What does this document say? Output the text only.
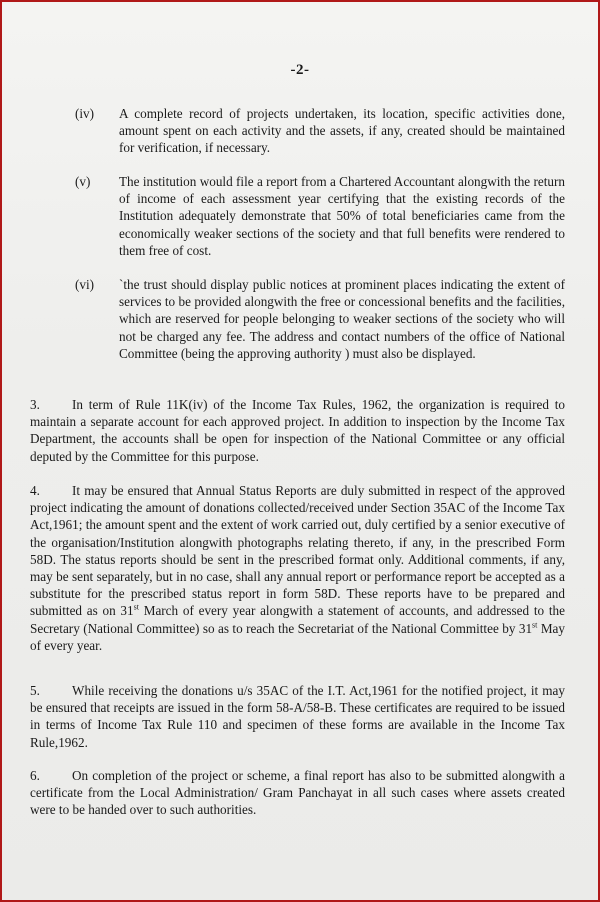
-2-
(iv)	A complete record of projects undertaken, its location, specific activities done, amount spent on each activity and the assets, if any, created should be maintained for verification, if necessary.
(v)	The institution would file a report from a Chartered Accountant alongwith the return of income of each assessment year certifying that the existing records of the Institution adequately demonstrate that 50% of total beneficiaries came from the economically weaker sections of the society and that full benefits were rendered to them free of cost.
(vi)	`the trust should display public notices at prominent places indicating the extent of services to be provided alongwith the free or concessional benefits and the facilities, which are reserved for people belonging to weaker sections of the society who will not be charged any fee. The address and contact numbers of the office of National Committee (being the approving authority ) must also be displayed.
3. In term of Rule 11K(iv) of the Income Tax Rules, 1962, the organization is required to maintain a separate account for each approved project. In addition to inspection by the Income Tax Department, the accounts shall be open for inspection of the National Committee or any official deputed by the Committee for this purpose.
4. It may be ensured that Annual Status Reports are duly submitted in respect of the approved project indicating the amount of donations collected/received under Section 35AC of the Income Tax Act,1961; the amount spent and the extent of work carried out, duly certified by a senior executive of the organisation/Institution alongwith photographs relating thereto, if any, in the prescribed Form 58D. The status reports should be sent in the prescribed format only. Additional comments, if any, may be sent separately, but in no case, shall any annual report or performance report be accepted as a substitute for the prescribed status report in form 58D. These reports have to be prepared and submitted as on 31st March of every year alongwith a statement of accounts, and addressed to the Secretary (National Committee) so as to reach the Secretariat of the National Committee by 31st May of every year.
5. While receiving the donations u/s 35AC of the I.T. Act,1961 for the notified project, it may be ensured that receipts are issued in the form 58-A/58-B. These certificates are required to be issued in terms of Income Tax Rule 110 and specimen of these forms are available in the Income Tax Rule,1962.
6. On completion of the project or scheme, a final report has also to be submitted alongwith a certificate from the Local Administration/ Gram Panchayat in all such cases where assets created were to be handed over to such authorities.
